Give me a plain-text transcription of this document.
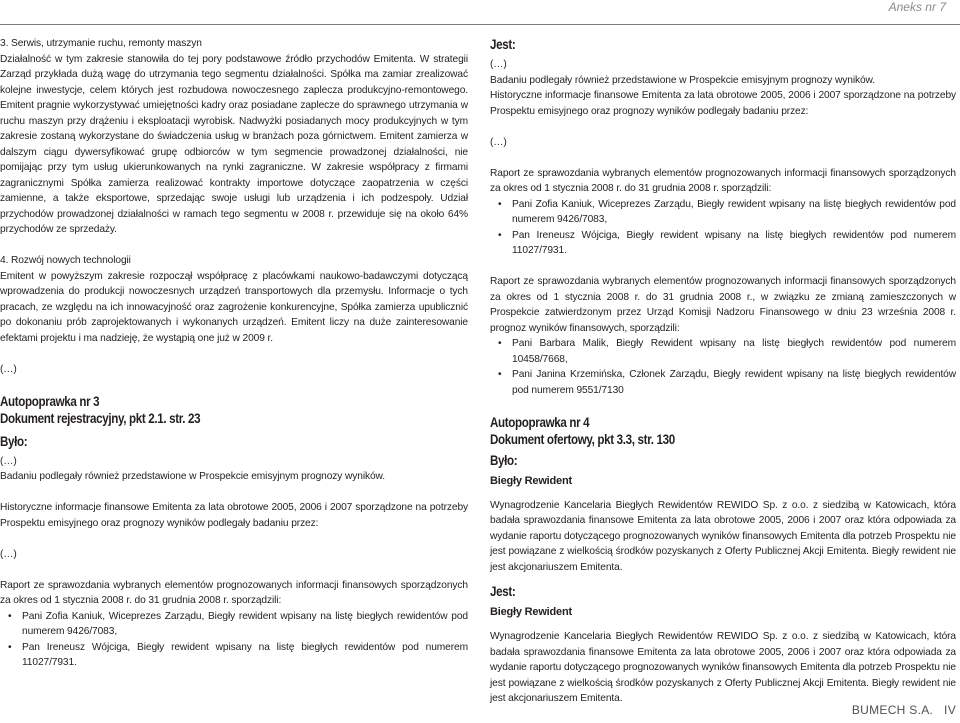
Aneks nr 7

3. Serwis, utrzymanie ruchu, remonty maszyn

Działalność w tym zakresie stanowiła do tej pory podstawowe źródło przychodów Emitenta. W strategii Zarząd przykłada dużą wagę do utrzymania tego segmentu działalności. Spółka ma zamiar zrealizować kolejne inwestycje, celem których jest rozbudowa nowoczesnego zaplecza produkcyjno-remontowego. Emitent pragnie wykorzystywać umiejętności kadry oraz posiadane zaplecze do sprawnego utrzymania w ruchu maszyn przy drążeniu i eksploatacji wyrobisk. Nadwyżki posiadanych mocy produkcyjnych w tym zakresie zostaną wykorzystane do świadczenia usług w branżach poza górnictwem. Emitent zamierza w dalszym ciągu dywersyfikować grupę odbiorców w tym segmencie prowadzonej działalności, nie pomijając przy tym usług ukierunkowanych na rynki zagraniczne. W zakresie współpracy z firmami zagranicznymi Spółka zamierza realizować kontrakty importowe dotyczące zaopatrzenia w części zamienne, a także eksportowe, sprzedając swoje usługi lub urządzenia i ich podzespoły. Udział przychodów prowadzonej działalności w ramach tego segmentu w 2008 r. przewiduje się na około 64% przychodów ze sprzedaży.

4. Rozwój nowych technologii

Emitent w powyższym zakresie rozpoczął współpracę z placówkami naukowo-badawczymi dotyczącą wprowadzenia do produkcji nowoczesnych urządzeń transportowych dla przemysłu. Informacje o tych pracach, ze względu na ich innowacyjność oraz zagrożenie konkurencyjne, Spółka zamierza upublicznić po dokonaniu prób zaprojektowanych i wykonanych urządzeń. Emitent liczy na duże zainteresowanie efektami projektu i ma nadzieję, że wystąpią one już w 2009 r.

(…)

Autopoprawka nr 3
Dokument rejestracyjny, pkt 2.1. str. 23
Było:

(…)

Badaniu podlegały również przedstawione w Prospekcie emisyjnym prognozy wyników.

Historyczne informacje finansowe Emitenta za lata obrotowe 2005, 2006 i 2007 sporządzone na potrzeby Prospektu emisyjnego oraz prognozy wyników podlegały badaniu przez:

(…)

Raport ze sprawozdania wybranych elementów prognozowanych informacji finansowych sporządzonych za okres od 1 stycznia 2008 r. do 31 grudnia 2008 r. sporządzili:

• Pani Zofia Kaniuk, Wiceprezes Zarządu, Biegły rewident wpisany na listę biegłych rewidentów pod numerem 9426/7083,
• Pan Ireneusz Wójciga, Biegły rewident wpisany na listę biegłych rewidentów pod numerem 11027/7931.
Jest:

(…)

Badaniu podlegały również przedstawione w Prospekcie emisyjnym prognozy wyników.

Historyczne informacje finansowe Emitenta za lata obrotowe 2005, 2006 i 2007 sporządzone na potrzeby Prospektu emisyjnego oraz prognozy wyników podlegały badaniu przez:

(…)

Raport ze sprawozdania wybranych elementów prognozowanych informacji finansowych sporządzonych za okres od 1 stycznia 2008 r. do 31 grudnia 2008 r. sporządzili:

• Pani Zofia Kaniuk, Wiceprezes Zarządu, Biegły rewident wpisany na listę biegłych rewidentów pod numerem 9426/7083,
• Pan Ireneusz Wójciga, Biegły rewident wpisany na listę biegłych rewidentów pod numerem 11027/7931.

Raport ze sprawozdania wybranych elementów prognozowanych informacji finansowych sporządzonych za okres od 1 stycznia 2008 r. do 31 grudnia 2008 r., w związku ze zmianą zamieszczonych w Prospekcie zatwierdzonym przez Urząd Komisji Nadzoru Finansowego w dniu 23 września 2008 r. prognoz wyników finansowych, sporządzili:

• Pani Barbara Malik, Biegły Rewident wpisany na listę biegłych rewidentów pod numerem 10458/7668,
• Pani Janina Krzemińska, Członek Zarządu, Biegły rewident wpisany na listę biegłych rewidentów pod numerem 9551/7130
Autopoprawka nr 4
Dokument ofertowy, pkt 3.3, str. 130
Było:
Biegły Rewident

Wynagrodzenie Kancelaria Biegłych Rewidentów REWIDO Sp. z o.o. z siedzibą w Katowicach, która badała sprawozdania finansowe Emitenta za lata obrotowe 2005, 2006 i 2007 oraz która odpowiada za wydanie raportu dotyczącego prognozowanych wyników finansowych Emitenta dla potrzeb Prospektu nie jest powiązane z wielkością środków pozyskanych z Oferty Publicznej Akcji Emitenta. Biegły rewident nie jest akcjonariuszem Emitenta.

Jest:
Biegły Rewident

Wynagrodzenie Kancelaria Biegłych Rewidentów REWIDO Sp. z o.o. z siedzibą w Katowicach, która badała sprawozdania finansowe Emitenta za lata obrotowe 2005, 2006 i 2007 oraz która odpowiada za wydanie raportu dotyczącego prognozowanych wyników finansowych Emitenta dla potrzeb Prospektu nie jest powiązane z wielkością środków pozyskanych z Oferty Publicznej Akcji Emitenta. Biegły rewident nie jest akcjonariuszem Emitenta.

BUMECH S.A.   IV
